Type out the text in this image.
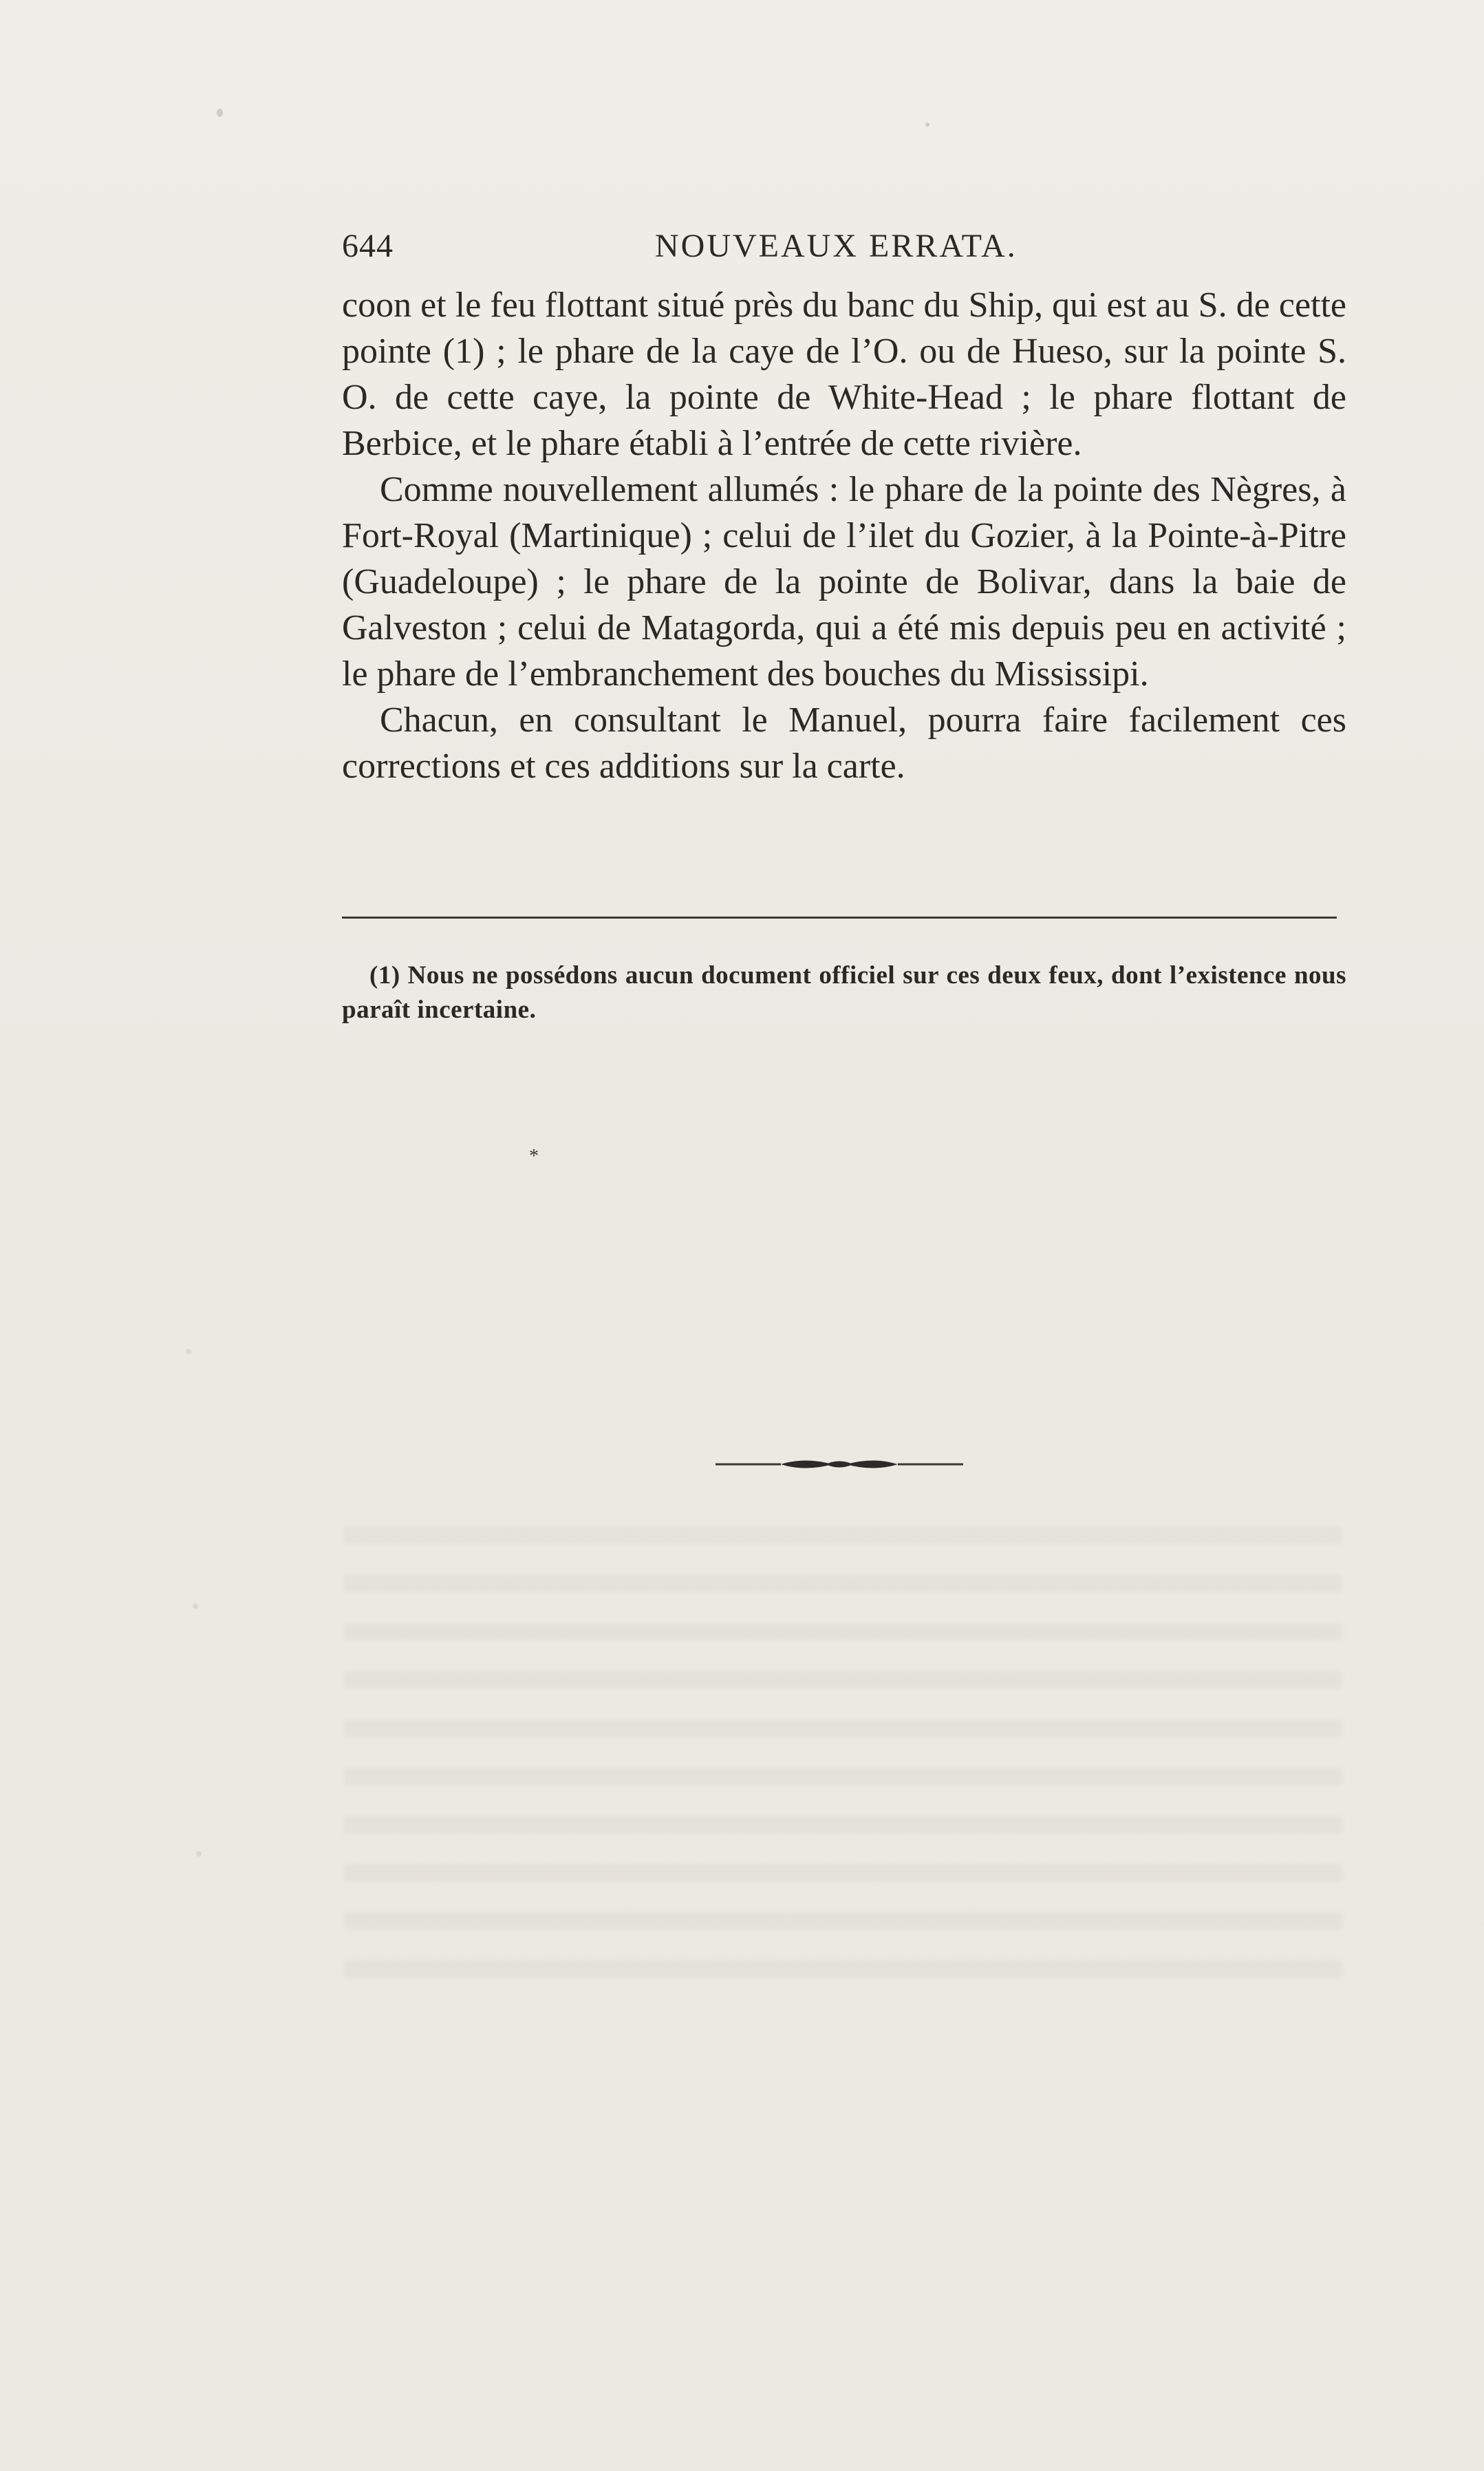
644	NOUVEAUX ERRATA.

coon et le feu flottant situé près du banc du Ship, qui est au S. de cette pointe (1) ; le phare de la caye de l’O. ou de Hueso, sur la pointe S. O. de cette caye, la pointe de White-Head ; le phare flottant de Berbice, et le phare établi à l’entrée de cette rivière.

Comme nouvellement allumés : le phare de la pointe des Nègres, à Fort-Royal (Martinique) ; celui de l’ilet du Gozier, à la Pointe-à-Pitre (Guadeloupe) ; le phare de la pointe de Bolivar, dans la baie de Galveston ; celui de Matagorda, qui a été mis depuis peu en activité ; le phare de l’embranchement des bouches du Mississipi.

Chacun, en consultant le Manuel, pourra faire facilement ces corrections et ces additions sur la carte.

(1) Nous ne possédons aucun document officiel sur ces deux feux, dont l’existence nous paraît incertaine.

*
